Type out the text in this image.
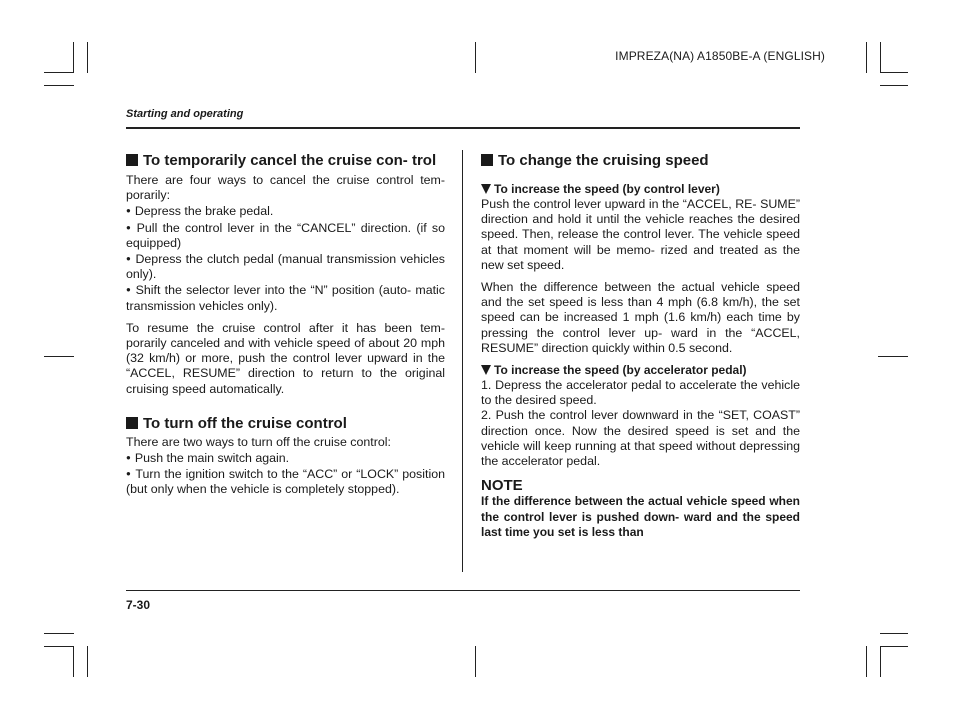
IMPREZA(NA) A1850BE-A (ENGLISH)
Starting and operating
7-30
To temporarily cancel the cruise con- trol

There are four ways to cancel the cruise control tem- porarily:

● Depress the brake pedal.

● Pull the control lever in the “CANCEL” direction. (if so equipped)

● Depress the clutch pedal (manual transmission vehicles only).

● Shift the selector lever into the “N” position (auto- matic transmission vehicles only).

To resume the cruise control after it has been tem- porarily canceled and with vehicle speed of about 20 mph (32 km/h) or more, push the control lever upward in the “ACCEL, RESUME” direction to return to the original cruising speed automatically.

To turn off the cruise control

There are two ways to turn off the cruise control:

● Push the main switch again.

● Turn the ignition switch to the “ACC” or “LOCK” position (but only when the vehicle is completely stopped).

To change the cruising speed
To increase the speed (by control lever)

Push the control lever upward in the “ACCEL, RE- SUME” direction and hold it until the vehicle reaches the desired speed. Then, release the control lever. The vehicle speed at that moment will be memo- rized and treated as the new set speed.

When the difference between the actual vehicle speed and the set speed is less than 4 mph (6.8 km/h), the set speed can be increased 1 mph (1.6 km/h) each time by pressing the control lever up- ward in the “ACCEL, RESUME” direction quickly within 0.5 second.

To increase the speed (by accelerator pedal)

1. Depress the accelerator pedal to accelerate the vehicle to the desired speed.

2. Push the control lever downward in the “SET, COAST” direction once. Now the desired speed is set and the vehicle will keep running at that speed without depressing the accelerator pedal.

NOTE

If the difference between the actual vehicle speed when the control lever is pushed down- ward and the speed last time you set is less than
